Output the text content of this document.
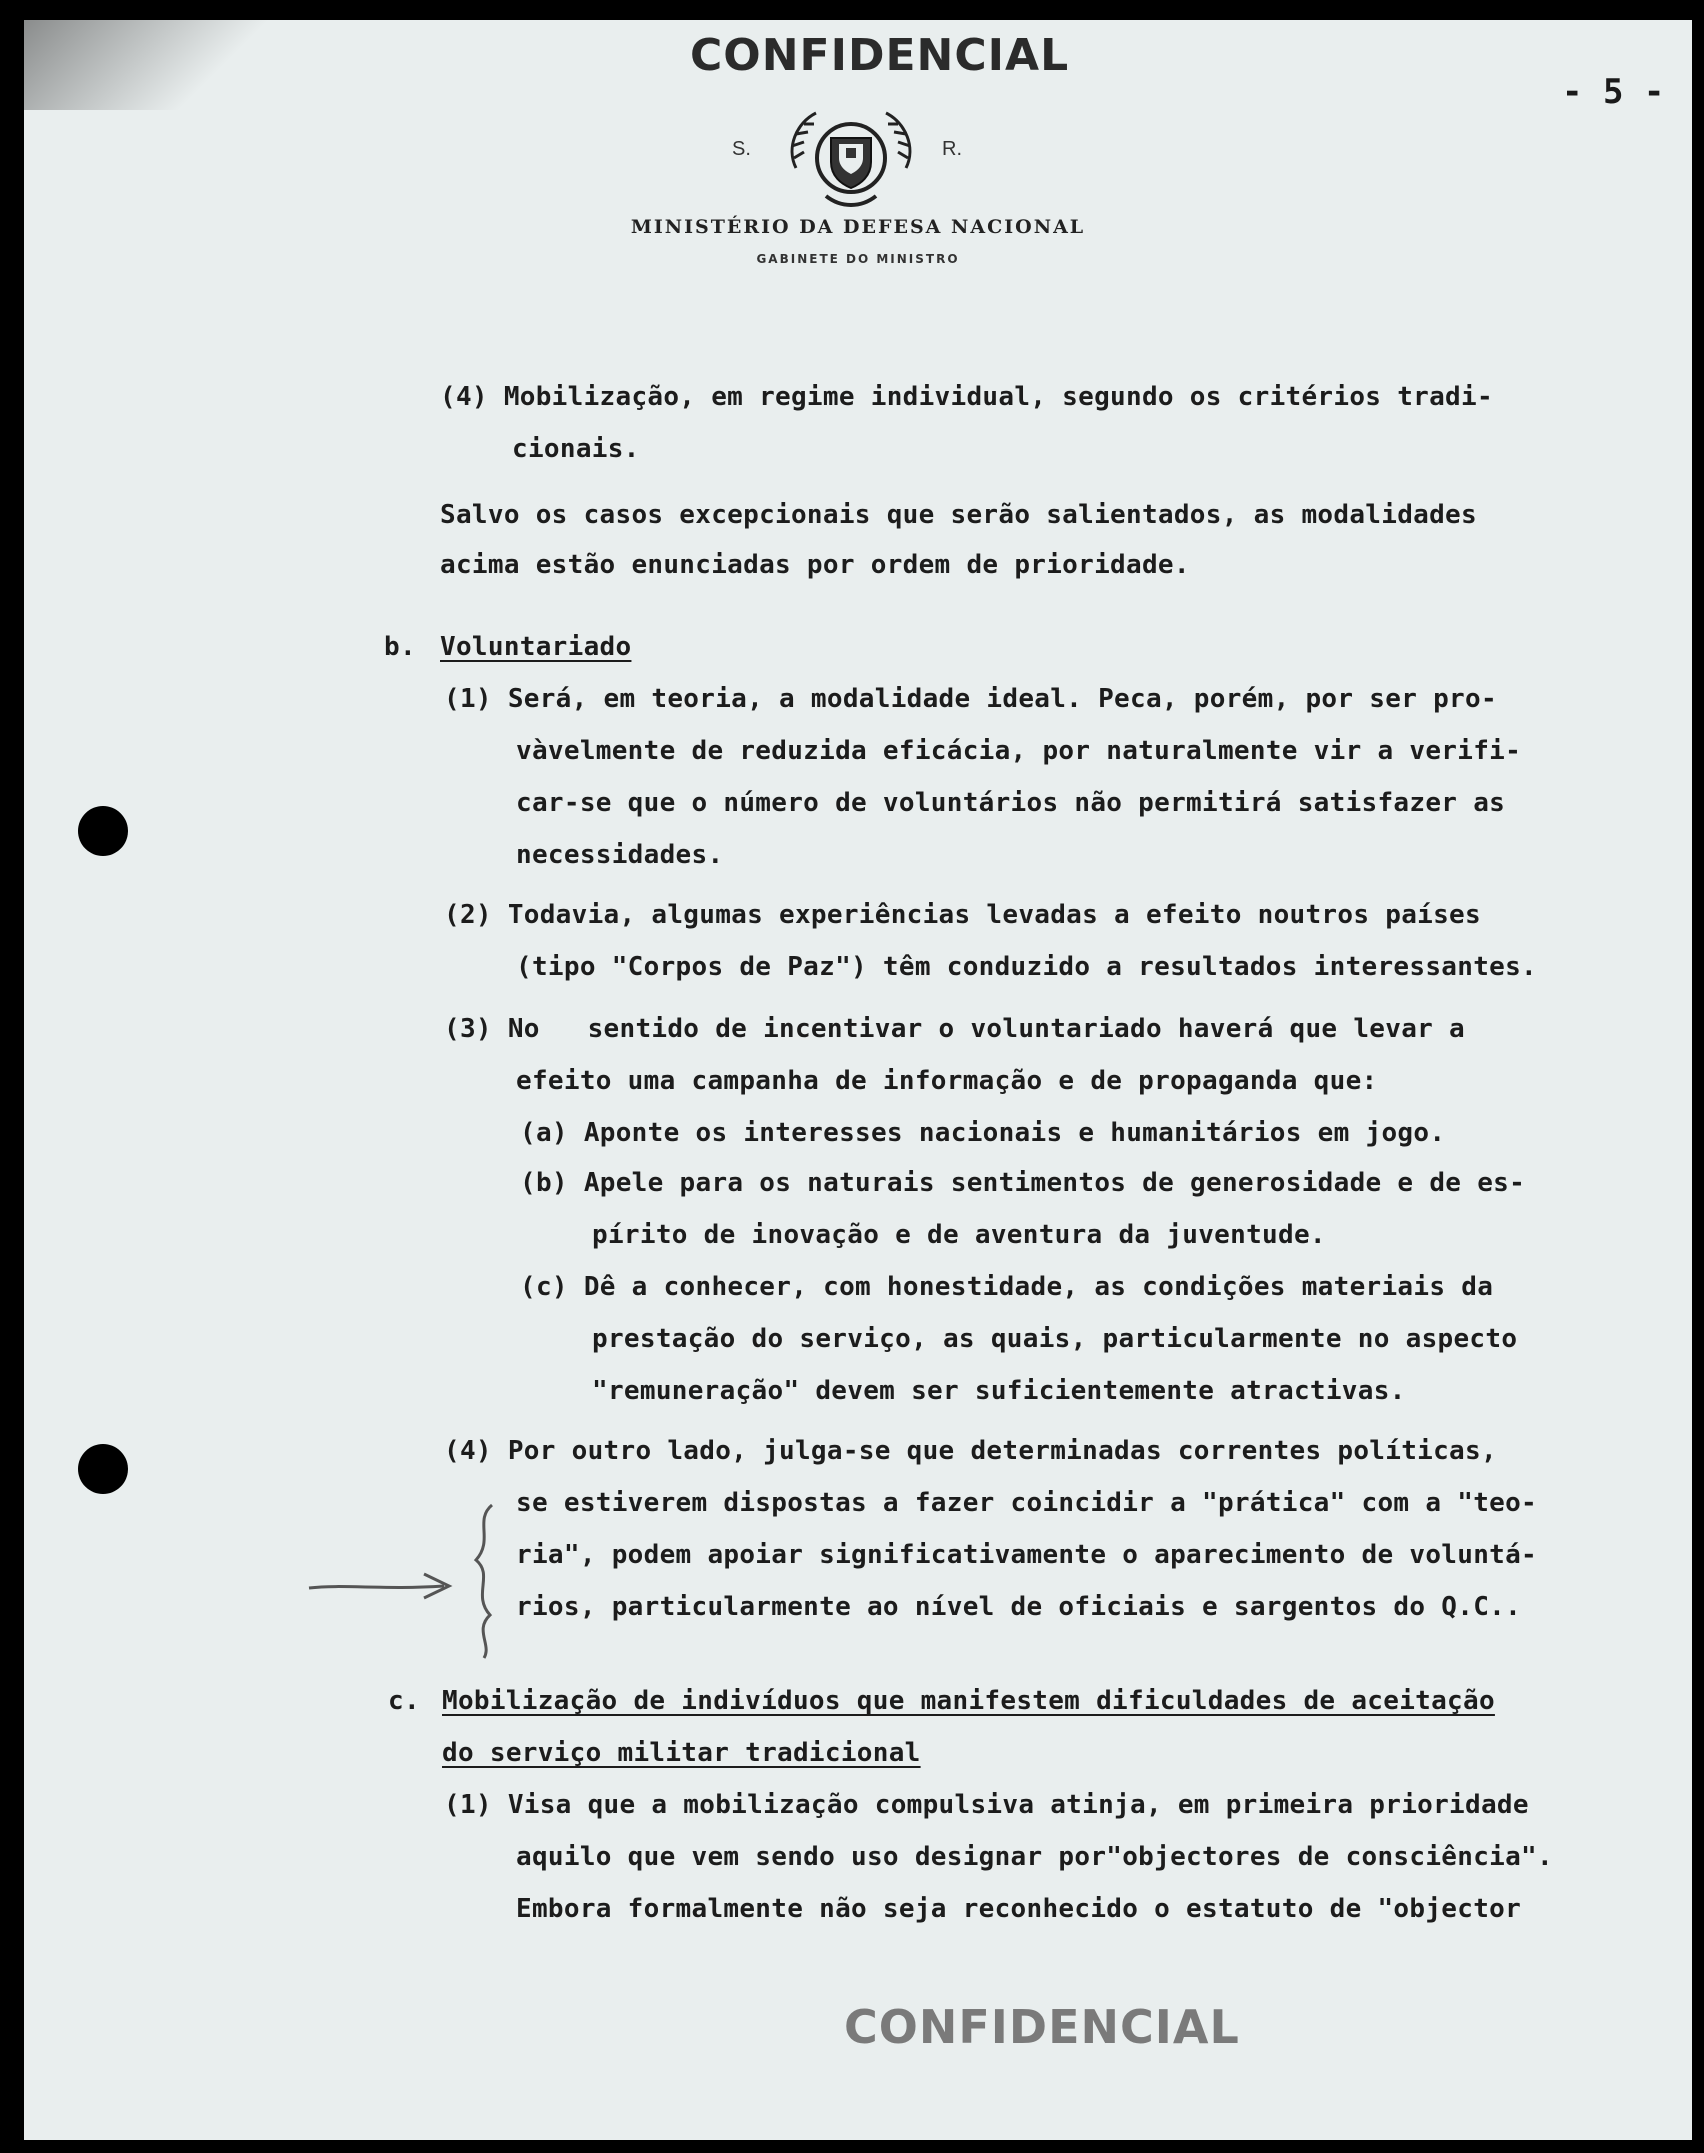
CONFIDENCIAL
- 5 -
S.	R.
MINISTÉRIO DA DEFESA NACIONAL
GABINETE DO MINISTRO
(4) Mobilização, em regime individual, segundo os critérios tradi-
cionais.
Salvo os casos excepcionais que serão salientados, as modalidades
acima estão enunciadas por ordem de prioridade.
b. Voluntariado
(1) Será, em teoria, a modalidade ideal. Peca, porém, por ser pro-
vàvelmente de reduzida eficácia, por naturalmente vir a verifi-
car-se que o número de voluntários não permitirá satisfazer as
necessidades.
(2) Todavia, algumas experiências levadas a efeito noutros países
(tipo "Corpos de Paz") têm conduzido a resultados interessantes.
(3) No   sentido de incentivar o voluntariado haverá que levar a
efeito uma campanha de informação e de propaganda que:
(a) Aponte os interesses nacionais e humanitários em jogo.
(b) Apele para os naturais sentimentos de generosidade e de es-
pírito de inovação e de aventura da juventude.
(c) Dê a conhecer, com honestidade, as condições materiais da
prestação do serviço, as quais, particularmente no aspecto
"remuneração" devem ser suficientemente atractivas.
(4) Por outro lado, julga-se que determinadas correntes políticas,
se estiverem dispostas a fazer coincidir a "prática" com a "teo-
ria", podem apoiar significativamente o aparecimento de voluntá-
rios, particularmente ao nível de oficiais e sargentos do Q.C..
c. Mobilização de indivíduos que manifestem dificuldades de aceitação
do serviço militar tradicional
(1) Visa que a mobilização compulsiva atinja, em primeira prioridade
aquilo que vem sendo uso designar por"objectores de consciência".
Embora formalmente não seja reconhecido o estatuto de "objector
CONFIDENCIAL
